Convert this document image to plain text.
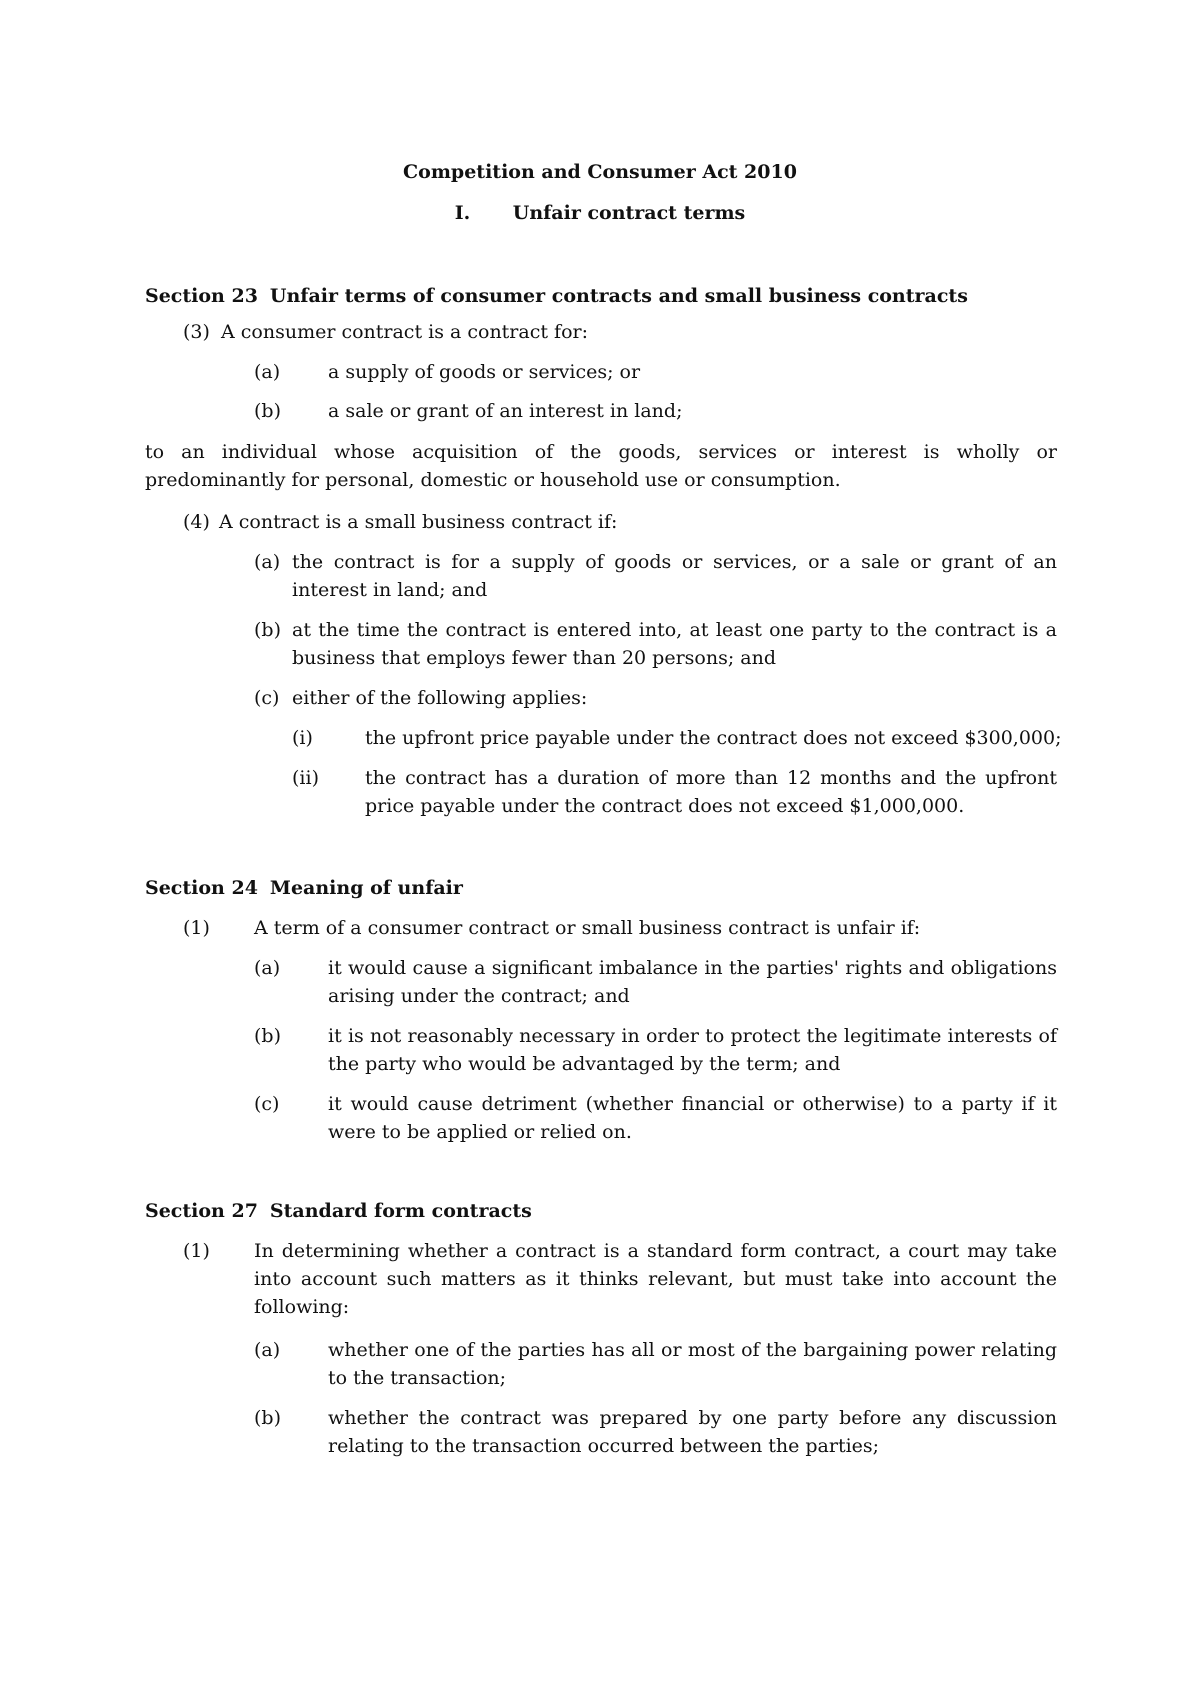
Competition and Consumer Act 2010
I. Unfair contract terms
Section 23 Unfair terms of consumer contracts and small business contracts
(3) A consumer contract is a contract for:
(a)	a supply of goods or services; or
(b) a sale or grant of an interest in land;
to an individual whose acquisition of the goods, services or interest is wholly or predominantly for personal, domestic or household use or consumption.
(4) A contract is a small business contract if:
(a) the contract is for a supply of goods or services, or a sale or grant of an interest in land; and
(b) at the time the contract is entered into, at least one party to the contract is a business that employs fewer than 20 persons; and
(c) either of the following applies:
(i)	the upfront price payable under the contract does not exceed $300,000;
(ii) the contract has a duration of more than 12 months and the upfront price payable under the contract does not exceed $1,000,000.
Section 24 Meaning of unfair
(1) A term of a consumer contract or small business contract is unfair if:
(a)	it would cause a significant imbalance in the parties' rights and obligations arising under the contract; and
(b) it is not reasonably necessary in order to protect the legitimate interests of the party who would be advantaged by the term; and
(c)	it would cause detriment (whether financial or otherwise) to a party if it were to be applied or relied on.
Section 27 Standard form contracts
(1) In determining whether a contract is a standard form contract, a court may take into account such matters as it thinks relevant, but must take into account the following:
(a)	whether one of the parties has all or most of the bargaining power relating to the transaction;
(b) whether the contract was prepared by one party before any discussion relating to the transaction occurred between the parties;
